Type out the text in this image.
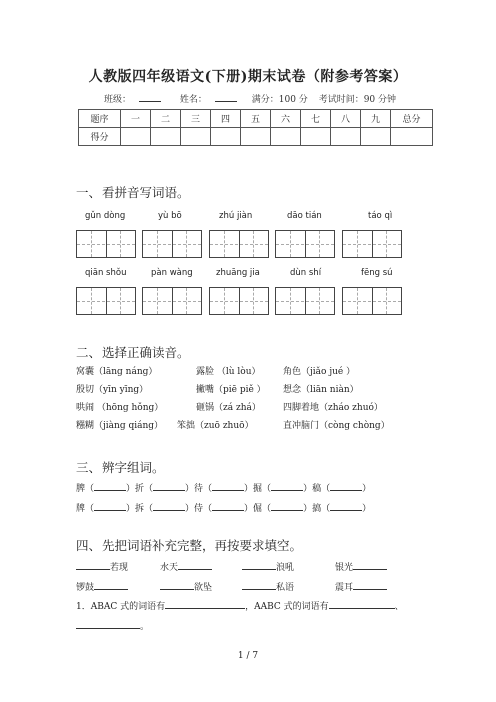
人教版四年级语文(下册)期末试卷（附参考答案）
班级：	姓名：	满分：100 分 考试时间：90 分钟
题序	一	二	三	四	五	六	七	八	九	总分
得分										
一、看拼音写词语。
gǔn dòng	yù bō	zhú jiàn	dāo tián	táo qì
qiān shǒu	pàn wàng	zhuāng jia	dùn shí	fēng sú
二、选择正确读音。
窝囊（lāng náng）	露脸 （lù lòu）	角色（jiǎo jué ）
殷切（yīn yīng）	撇嘴（piē piě ） 想念（liān niàn）
哄闹 （hōng hǒng）	砸锅（zá zhá） 四脚着地（zháo zhuó）
糨糊（jiàng qiáng） 笨拙（zuō zhuō）	直冲脑门（còng chòng）
三、辨字组词。
脾（	）折（	）待（	）掘（	）稿（	）
牌（	）拆（	）侍（	）倔（	）搞（	）
四、先把词语补充完整，再按要求填空。
若现	水天	浪吼	银光
锣鼓	欲坠	私语	震耳
1．ABAC 式的词语有	，AABC 式的词语有	、
。
1 / 7
